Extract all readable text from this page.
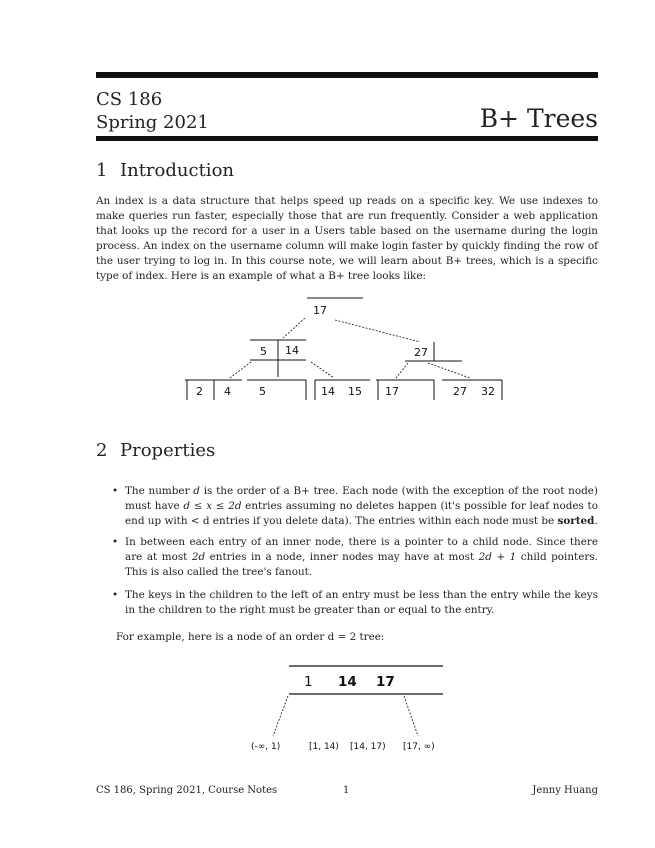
CS 186
Spring 2021	B+ Trees
1 Introduction
An index is a data structure that helps speed up reads on a specific key. We use indexes to make queries run faster, especially those that are run frequently. Consider a web application that looks up the record for a user in a Users table based on the username during the login process. An index on the username column will make login faster by quickly finding the row of the user trying to log in. In this course note, we will learn about B+ trees, which is a specific type of index. Here is an example of what a B+ tree looks like:
17
5 14	27
2 4	5	14 15 17	27 32
2 Properties
• The number d is the order of a B+ tree. Each node (with the exception of the root node) must have d ≤ x ≤ 2d entries assuming no deletes happen (it's possible for leaf nodes to end up with < d entries if you delete data). The entries within each node must be sorted.
• In between each entry of an inner node, there is a pointer to a child node. Since there are at most 2d entries in a node, inner nodes may have at most 2d + 1 child pointers. This is also called the tree's fanout.
• The keys in the children to the left of an entry must be less than the entry while the keys in the children to the right must be greater than or equal to the entry.
For example, here is a node of an order d = 2 tree:
1 14 17
(-∞, 1)	[1, 14) [14, 17) [17, ∞)
CS 186, Spring 2021, Course Notes	1	Jenny Huang
